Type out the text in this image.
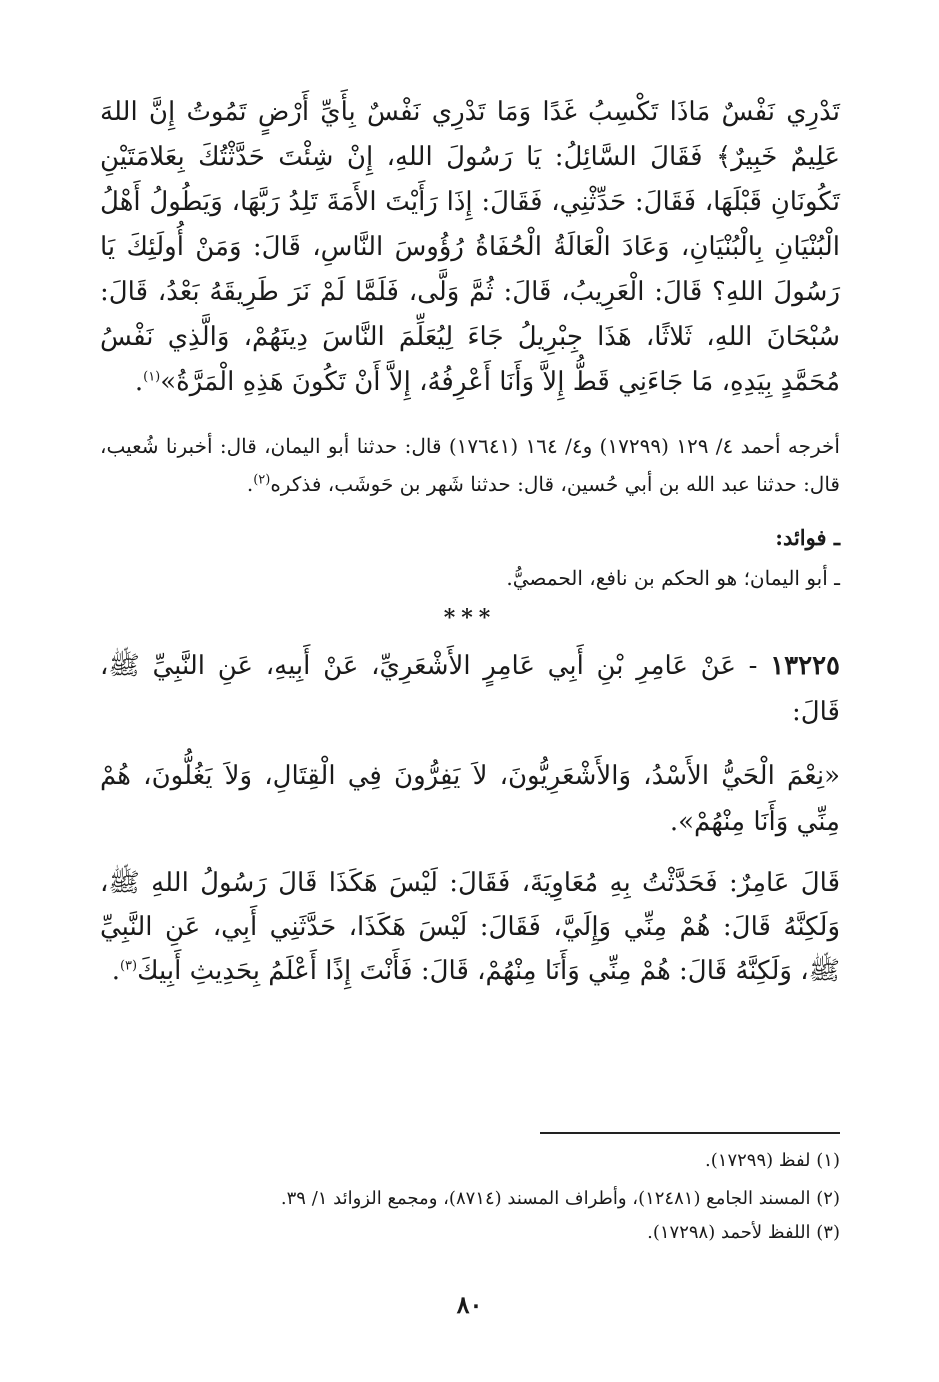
تَدْرِي نَفْسٌ مَاذَا تَكْسِبُ غَدًا وَمَا تَدْرِي نَفْسٌ بِأَيِّ أَرْضٍ تَمُوتُ إِنَّ اللهَ عَلِيمٌ خَبِيرٌ﴾ فَقَالَ السَّائِلُ: يَا رَسُولَ اللهِ، إِنْ شِئْتَ حَدَّثْتُكَ بِعَلامَتَيْنِ تَكُونَانِ قَبْلَهَا، فَقَالَ: حَدِّثْنِي، فَقَالَ: إِذَا رَأَيْتَ الأَمَةَ تَلِدُ رَبَّهَا، وَيَطُولُ أَهْلُ الْبُنْيَانِ بِالْبُنْيَانِ، وَعَادَ الْعَالَةُ الْحُفَاةُ رُؤُوسَ النَّاسِ، قَالَ: وَمَنْ أُولَئِكَ يَا رَسُولَ اللهِ؟ قَالَ: الْعَرِيبُ، قَالَ: ثُمَّ وَلَّى، فَلَمَّا لَمْ نَرَ طَرِيقَهُ بَعْدُ، قَالَ: سُبْحَانَ اللهِ، ثَلاثًا، هَذَا جِبْرِيلُ جَاءَ لِيُعَلِّمَ النَّاسَ دِينَهُمْ، وَالَّذِي نَفْسُ مُحَمَّدٍ بِيَدِهِ، مَا جَاءَنِي قَطُّ إِلاَّ وَأَنَا أَعْرِفُهُ، إِلاَّ أَنْ تَكُونَ هَذِهِ الْمَرَّةُ»$^{(١)}$.

أخرجه أحمد ٤/ ١٢٩ (١٧٢٩٩) و٤/ ١٦٤ (١٧٦٤١) قال: حدثنا أبو اليمان، قال: أخبرنا شُعيب، قال: حدثنا عبد الله بن أبي حُسين، قال: حدثنا شَهر بن حَوشَب، فذكره$^{(٢)}$.

ـ فوائد:

ـ أبو اليمان؛ هو الحكم بن نافع، الحمصيُّ.

***

١٣٢٢٥ - عَنْ عَامِرِ بْنِ أَبِي عَامِرٍ الأَشْعَرِيِّ، عَنْ أَبِيهِ، عَنِ النَّبِيِّ ﷺ، قَالَ:

«نِعْمَ الْحَيُّ الأَسْدُ، وَالأَشْعَرِيُّونَ، لاَ يَفِرُّونَ فِي الْقِتَالِ، وَلاَ يَغُلُّونَ، هُمْ مِنِّي وَأَنَا مِنْهُمْ».

قَالَ عَامِرٌ: فَحَدَّثْتُ بِهِ مُعَاوِيَةَ، فَقَالَ: لَيْسَ هَكَذَا قَالَ رَسُولُ اللهِ ﷺ، وَلَكِنَّهُ قَالَ: هُمْ مِنِّي وَإِلَيَّ، فَقَالَ: لَيْسَ هَكَذَا، حَدَّثَنِي أَبِي، عَنِ النَّبِيِّ ﷺ، وَلَكِنَّهُ قَالَ: هُمْ مِنِّي وَأَنَا مِنْهُمْ، قَالَ: فَأَنْتَ إِذًا أَعْلَمُ بِحَدِيثِ أَبِيكَ$^{(٣)}$.

(١) لفظ (١٧٢٩٩).
(٢) المسند الجامع (١٢٤٨١)، وأطراف المسند (٨٧١٤)، ومجمع الزوائد ١/ ٣٩.
(٣) اللفظ لأحمد (١٧٢٩٨).
٨٠
